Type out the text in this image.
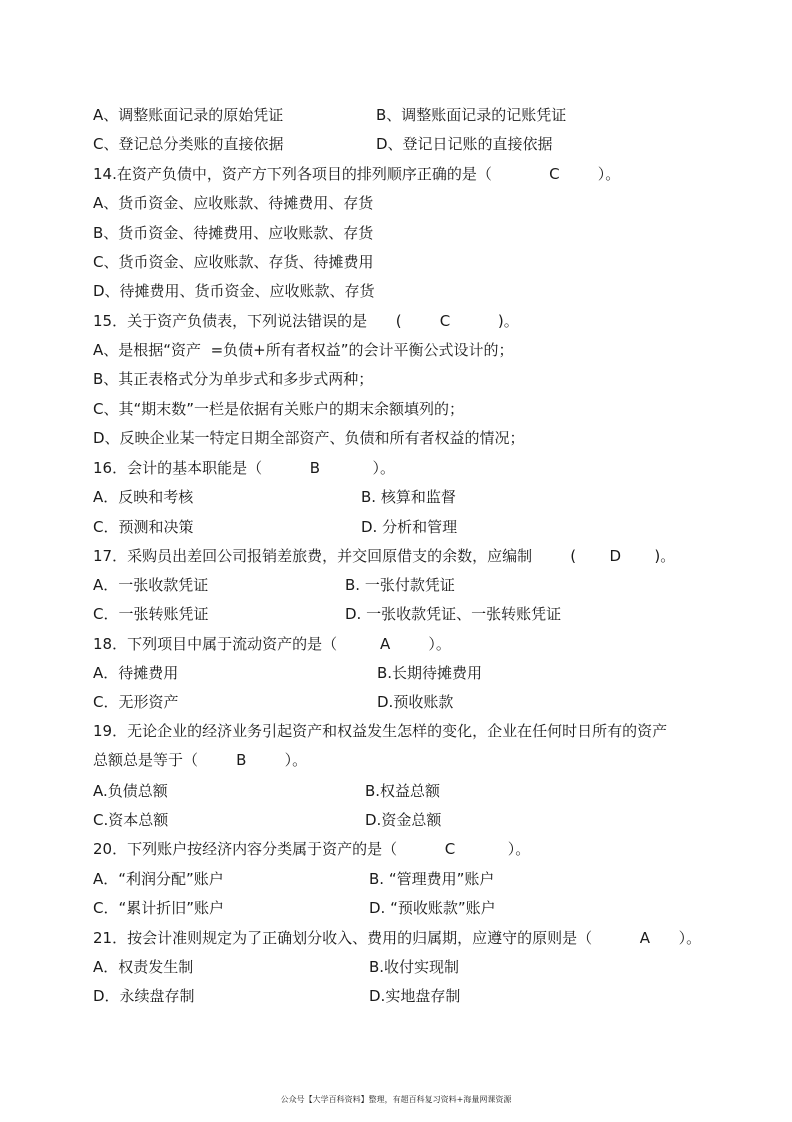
A、调整账面记录的原始凭证	B、调整账面记录的记账凭证
C、登记总分类账的直接依据	D、登记日记账的直接依据
14.在资产负债中，资产方下列各项目的排列顺序正确的是（            C        ）。
A、货币资金、应收账款、待摊费用、存货
B、货币资金、待摊费用、应收账款、存货
C、货币资金、应收账款、存货、待摊费用
D、待摊费用、货币资金、应收账款、存货
15．关于资产负债表，下列说法错误的是      (        C          )。
A、是根据“资产  =负债+所有者权益”的会计平衡公式设计的；
B、其正表格式分为单步式和多步式两种；
C、其“期末数”一栏是依据有关账户的期末余额填列的；
D、反映企业某一特定日期全部资产、负债和所有者权益的情况；
16．会计的基本职能是（          B           ）。
A．反映和考核	B. 核算和监督
C．预测和决策	D. 分析和管理
17．采购员出差回公司报销差旅费，并交回原借支的余数，应编制        (       D       )。
A．一张收款凭证	B. 一张付款凭证
C．一张转账凭证	D. 一张收款凭证、一张转账凭证
18．下列项目中属于流动资产的是（         A        ）。
A．待摊费用	B.长期待摊费用
C．无形资产	D.预收账款
19．无论企业的经济业务引起资产和权益发生怎样的变化，企业在任何时日所有的资产
总额总是等于（        B        ）。
A.负债总额	B.权益总额
C.资本总额	D.资金总额
20．下列账户按经济内容分类属于资产的是（          C           ）。
A．“利润分配”账户	B. “管理费用”账户
C．“累计折旧”账户	D. “预收账款”账户
21．按会计准则规定为了正确划分收入、费用的归属期，应遵守的原则是（          A      ）。
A．权责发生制	B.收付实现制
D．永续盘存制	D.实地盘存制
公众号【大学百科资料】整理，有超百科复习资料+海量网课资源
